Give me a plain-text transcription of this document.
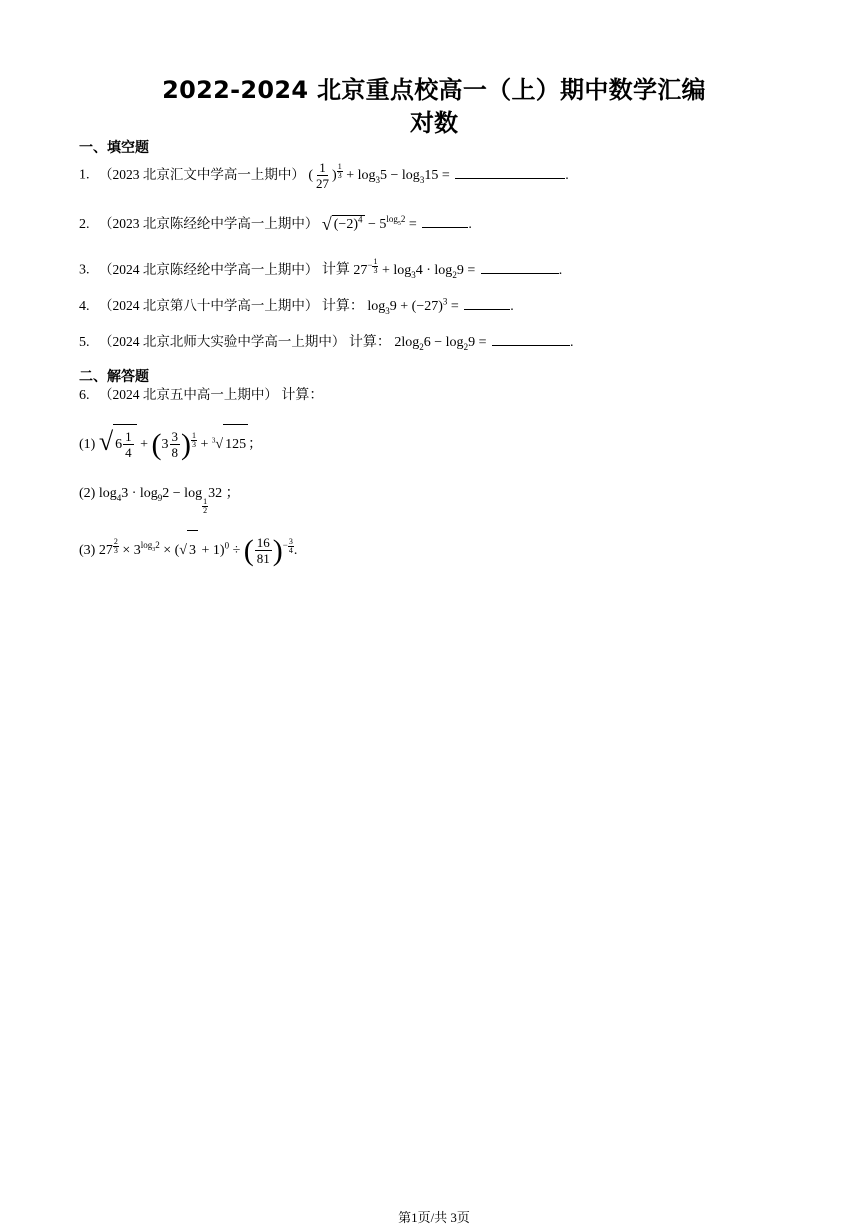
2022-2024 北京重点校高一（上）期中数学汇编
对数
一、填空题
1. （2023 北京汇文中学高一上期中） ( $\frac{1}{27}$ ) $^{\frac{1}{3}} + \log_35 - \log_315$ =	.
2. （2023 北京陈经纶中学高一上期中） √ $(-2)^4 - 5^{log_52}$ =	.
3. （2024 北京陈经纶中学高一上期中） 计算 $27^{- \frac{1}{3}} + \log_34 \cdot \log_29$ =	.
4. （2024 北京第八十中学高一上期中） 计算： $\log_39 + (-27)^3$ =	.
5. （2024 北京北师大实验中学高一上期中） 计算： $2\log_26 - \log_29$ =	.
二、解答题
6. （2024 北京五中高一上期中） 计算：
(1) √ $6 \frac{1}{4} + (3 \frac{3}{8}$ ) $^{\frac{1}{3}}$ + $^3$√ 125 ；
(2) $\log_43 \cdot \log_92 - \log$
$_{\frac{1}{2}}$
32 ；
(3) 27 $^{\frac{2}{3}} \times 3^{log_32}$ × (√ 3 + 1)$^0$ ÷ ( $\frac{16}{81} )^{- \frac{3}{4}}$ .
第1页/共 3页
